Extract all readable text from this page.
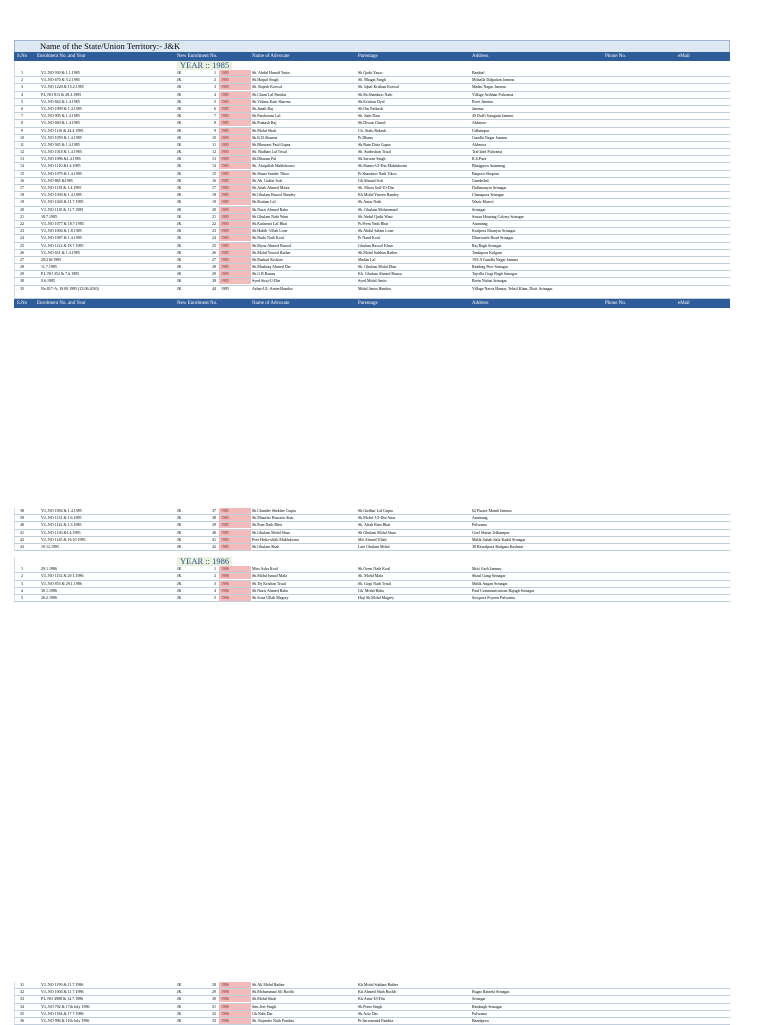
Name of the State/Union Territory:- J&K
S.No Enrolment No. and Year	New Enrolment No.	Name of Advocate	Parentage	Address	Phone No.	eMail
YEAR :: 1985
1	V.L.NO 930 & 1.1.1985	JK	1	1985	Sh. Abdul Hamid Yatoo	Sh Qadir Yatoo	Banihal
2	V.L.NO 670 & 5.2.1985	JK	2	1985	Sh.Harpal Singh	Sh. Bhagat Singh	Mohalla Dalpatian Jammu
3	V.L.NO 1220 & 15.2.1985	JK	3	1985	Sh. Rajesh Kotwal	Sh. Iqbal Krishan Kotwal	Madni Nagar Jammu
4	P.L.NO 813 & 28.3.1985	JK	4	1985	Sh.Chuni Lal Pandita	Sh.Sh.Shamboo Nath	Village Arihhan Pulwama
5	V.L.NO 844 & 1.4.1985	JK	5	1985	Sh.Vishnu Kant Sharma	Sh.Krishan Dyal	Preet Jammu
6	V.L.NO 1099 & 1.4.1985	JK	6	1985	Sh.Janak Raj	Sh.Om Parkash	Jammu
7	V.L.NO 905 & 1.4.1985	JK	7	1985	Sh.Parshotam Lal	Sh. Sain Dass	49 Duffi Saraguin Jammu
8	V.L.NO 669 & 1.4.1985	JK	8	1985	Sh.Prakash Raj	Sh.Diwan Chand	Akhnoor
9	V.L.NO 1116 & 24.4.1985	JK	9	1985	Sh.Mohd Shafi	Ch. Atalu Bakesh	Udhampur
10	V.L.NO 1059 & 1.4.1985	JK	10	1985	Sh.K.D.Sharma	Pt.Dhana	Gandhi Nagar Jammu
11	V.L.NO 945 & 1.4.1985	JK	11	1985	Sh.Bhawani Paul Gupta	Sh.Ram Ditta Gupta	Akhnoor
12	V.L.NO 1018 & 1.4.1985	JK	12	1985	Sh. Badhan Lal Trisal	Sh. Sudershan Trisal	Tral khel Pulwama
13	V.L.NO 1096 &1.4.1985	JK	13	1985	Sh.Dharam Pal	Sh.Sarwan Singh	R.S.Pura
14	V.L.NO 1120 &1.4.1985	JK	14	1985	Sh. Afaqullah Makhdoomi	Sh.Shams-Ul-Din Makhdoomi	Bhaigpora Anantnag
15	V.L.NO 1079 & 1.4.1985	JK	15	1985	Sh.Shum Sunder Tikoo	Pt.Shamboo Nath Tikoo	Batpora Shopian
16	V.L.NO 865 &1985	JK	16	1985	Sh.Ab. Gaffar Sofi	Gh Ahmad Sofi	Ganderbal
17	V.L.NO 1118 & 1.4.1985	JK	17	1985	Sh.Aftab Ahmed Mirza	Sh. Mirza Saif-Ul-Din	Dalhasanyar Srinagar
18	V.L.NO 1030 & 1.4.1985	JK	18	1985	Sh.Ghulam Rasool Bandey	Kh Mohd Yaseen Bandey	Chanapora Srinagar
19	V.L.NO 1026 & 11.7.1985	JK	19	1985	Sh.Roshan Lal	Sh.Amar Nath	Wazir Khavri
20	V.L.NO 1110 & 11.7.1985	JK	20	1985	Sh.Nazir Ahmed Baba	Sh. Ghulam Mohammad	Srinagar
21	18.7.1985	JK	21	1985	Sh.Ghulam Nabi Wani	Sh.Abdul Qadir Wani	Sonau Housing Colony Srinagar
22	V.L.NO 1077 & 18.7.1985	JK	22	1985	Sh.Kashmiri Lal Bhat	Pt.Prem Nath Bhat	Anantnag
23	V.L.NO 1004 & 1.8.1985	JK	23	1985	Sh.Habib -Ullah Lone	Sh.Abdul Salam Lone	Kralpora Khanyar Srinagar
24	V.L.NO 1087 & 1.4.1985	JK	24	1985	Sh.Badri Nath Koul	Pt Nand Koul	Dhaewarth Road Srinagar
25	V.L.NO 1122 & 18.7.1985	JK	25	1985	Sh.Riyaz Ahmed Rasool	Ghulam Rasool Khan	Raj Bagh Srinagar
26	V.L.NO 651 & 1.4.1985	JK	26	1985	Sh.Mohd Yousuf Rather	Sh.Mohd Subhan Rather	Tankipora Kulgam
27	20/216/1985	JK	27	1985	Sh.Rashtal Kishore	Madan Lal	193-A Gandhi Nagar Jammu
28	11.7.1985	JK	28	1985	Sh.Mushtaq Ahmed Dar	Sh. Ghulam Mohd Dhar	Rainbag Peer Srinagar
29	P.L.NO 352 & 7.6.1985	JK	29	1985	Sh.G.R.Runzu	Kh. Ghulam Ahmed Runzu	Tajvilla Gogi Bagh Srinagar
30	9.6.1985	JK	30	1985	Syed Siraj-U-Din	Syed Mohd Amin	Brein Nishat Srinagar
35	No.817-A, 19.09.1985 (25.06.2010)	JK	44	1985	Azhar-UL-Amin-Handoo	Mohd Amin Handoo	Village Narva Hamar, Tehsil Khan, Distt. Srinagar
S.No Enrolment No. and Year	New Enrolment No.	Name of Advocate	Parentage	Address	Phone No.	eMail
38	V.L.NO 1092 & 1.4.1985	JK	37	1985	Sh.Chander Shekher Gupta	Sh.Girdhar Lal Gupta	62 Purani Mandi Jammu
39	V.L.NO 1131 & 1.6.1985	JK	38	1985	Sh.Muzafar Hussain Attar	Sh.Mohd -Ul-Din Attar	Anantnag
40	V.L.NO 1142 & 1.3.1985	JK	39	1985	Sh.Pran Nath Bhat	Sh. Aftab Ram Bhat	Pulwama
41	V.L.NO 1130 &1.4.1985	JK	40	1985	Sh.Ghulam Mohd Shan	Sh Ghulam Mohd Shan	Goel Shirtat Udhampur
42	V.L.NO 1145 & 16.10.1985	JK	41	1985	Peer Hafiz-ullah Makhdoomi	Mir Ahmed Ullah	Malik Sahab Safa Kadal Srinagar
43	19.12.1985	JK	42	1985	Sh.Ghulam Shah	Late Ghulam Mohd	38 Rawalpora Badgam Kashmir
YEAR :: 1986
1	29.1.1986	JK	1	1986	Miss Asha Koul	Sh.Orem Nath Koul	Moti Garh Jammu
2	V.L.NO 1152 & 29.1.1986	JK	2	1986	Sh.Mohd Ismail Mala	Sh. Mohd Mala	Shaul Gang Srinagar
3	V.L.NO 853 & 29.1.1986	JK	3	1986	Sh.Tej Krishan Trisal	Sh. Gopi Nath Trisal	Malik Angan Srinagar
4	30.1.1986	JK	4	1986	Sh.Nazir Ahmed Baba	Gh. Mohd Baba	Paul Communications Rajagh Srinagar
5	26.2.1986	JK	5	1986	Sh.Sona Ullah Magrey	Haji Sh.Mohd Magrey	Sowpora Poyeen Pulwama
31	V.L.NO 1199 & 11.7.1986	JK	28	1986	Sh.Ali Mohd Rather	Kh.Mohd Subhan Rather
32	V.L.NO 1004 & 11.7.1986	JK	29	1986	Sh.Mohammad Ali Bachh	Kh.Ahmed Shah Buchh	Bugar Rainela Srinagar
33	P.L.NO 4988 & 14.7.1986	JK	30	1986	Sh.Mohd Shafi	Kh.Amir-Ul-Din	Srinagar
34	V.L.NO 792 & 17th July 1986	JK	31	1986	Smt.Jeet Singh	Sh.Prem Singh	Rambagh Srinagar
35	V.L.NO 1184 & 17.7.1986	JK	32	1986	Gh.Nabi Dar	Sh.Aziz Dar	Pulwama
36	V.L.NO 996 & 11th July 1986	JK	33	1986	Sh. Rajinder Nath Pandita	Pt.Sarwanand Pandita	Bandipora
